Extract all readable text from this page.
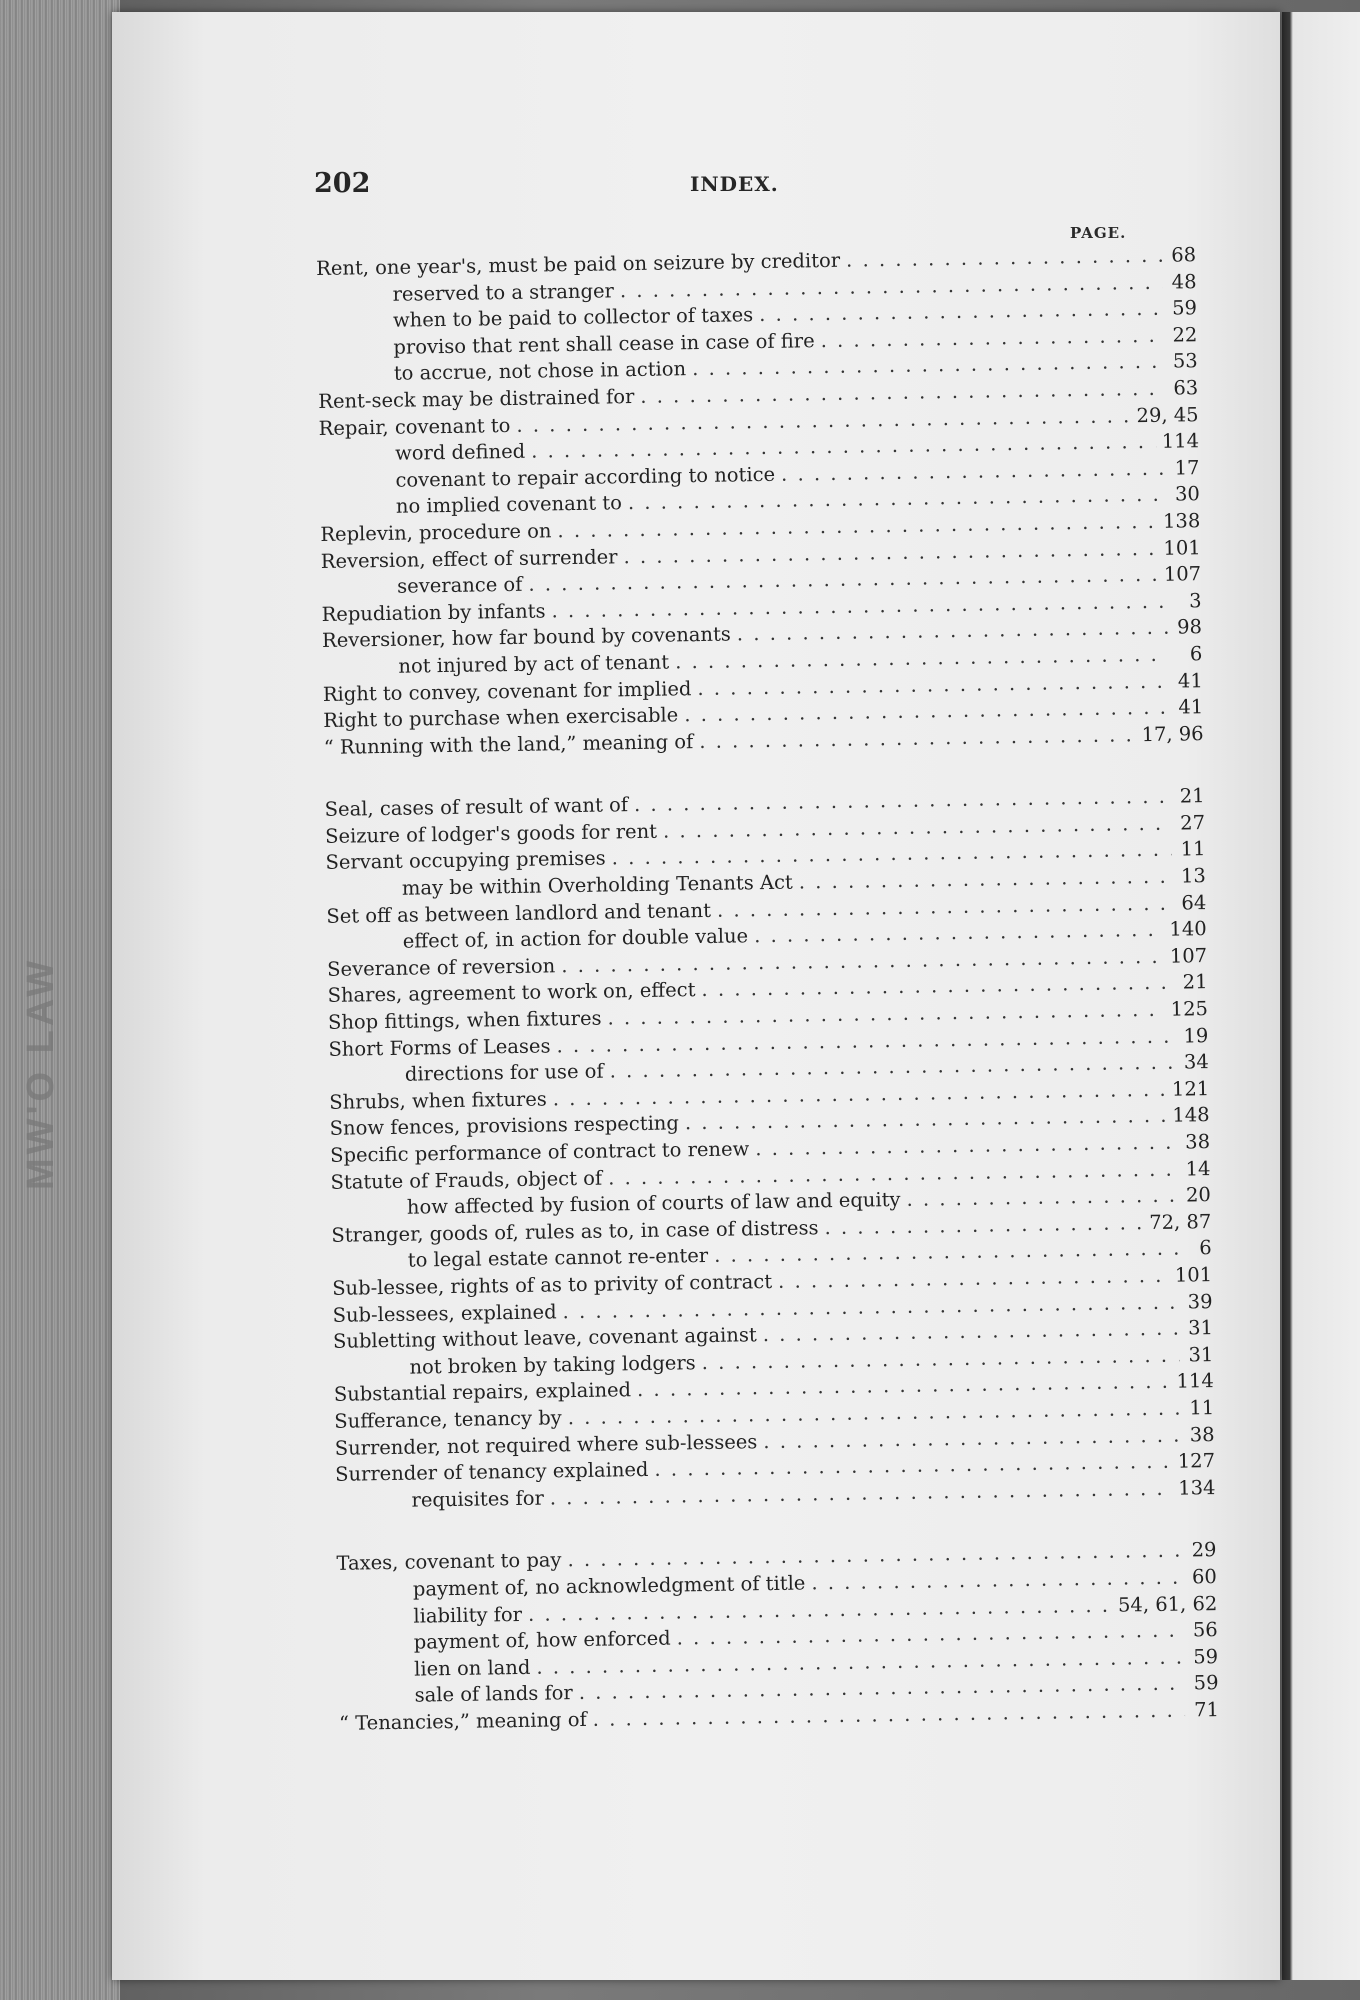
MW'O LAW
202	INDEX.
PAGE.
Rent, one year's, must be paid on seizure by creditor . . .	68
reserved to a stranger . . .	48
when to be paid to collector of taxes . . .	59
proviso that rent shall cease in case of fire . . .	22
to accrue, not chose in action . . .	53
Rent-seck may be distrained for . . .	63
Repair, covenant to . . .	29, 45
word defined . . .	114
covenant to repair according to notice . . .	17
no implied covenant to . . .	30
Replevin, procedure on . . .	138
Reversion, effect of surrender . . .	101
severance of . . .	107
Repudiation by infants . . .	3
Reversioner, how far bound by covenants . . .	98
not injured by act of tenant . . .	6
Right to convey, covenant for implied . . .	41
Right to purchase when exercisable . . .	41
“ Running with the land,” meaning of . . .	17, 96
Seal, cases of result of want of . . .	21
Seizure of lodger's goods for rent . . .	27
Servant occupying premises . . .	11
may be within Overholding Tenants Act . . .	13
Set off as between landlord and tenant . . .	64
effect of, in action for double value . . .	140
Severance of reversion . . .	107
Shares, agreement to work on, effect . . .	21
Shop fittings, when fixtures . . .	125
Short Forms of Leases . . .	19
directions for use of . . .	34
Shrubs, when fixtures . . .	121
Snow fences, provisions respecting . . .	148
Specific performance of contract to renew . . .	38
Statute of Frauds, object of . . .	14
how affected by fusion of courts of law and equity . . .	20
Stranger, goods of, rules as to, in case of distress . . .	72, 87
to legal estate cannot re-enter . . .	6
Sub-lessee, rights of as to privity of contract . . .	101
Sub-lessees, explained . . .	39
Subletting without leave, covenant against . . .	31
not broken by taking lodgers . . .	31
Substantial repairs, explained . . .	114
Sufferance, tenancy by . . .	11
Surrender, not required where sub-lessees . . .	38
Surrender of tenancy explained . . .	127
requisites for . . .	134
Taxes, covenant to pay . . .	29
payment of, no acknowledgment of title . . .	60
liability for . . .	54, 61, 62
payment of, how enforced . . .	56
lien on land . . .	59
sale of lands for . . .	59
“ Tenancies,” meaning of . . .	71
